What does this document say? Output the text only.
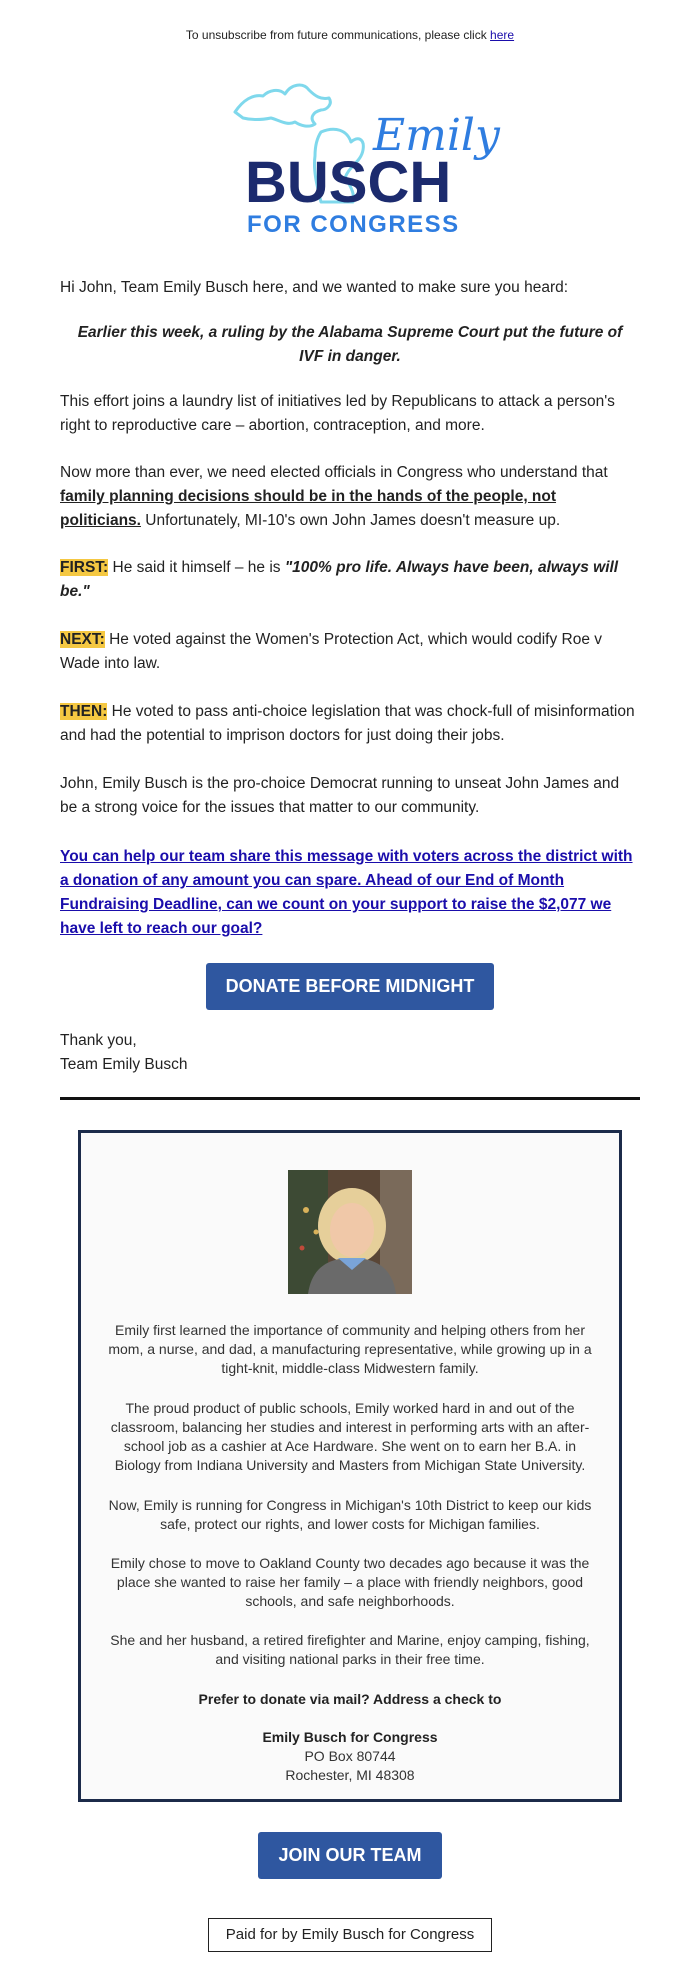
To unsubscribe from future communications, please click here
Emily
BUSCH
FOR CONGRESS
Hi John, Team Emily Busch here, and we wanted to make sure you heard:
Earlier this week, a ruling by the Alabama Supreme Court put the future of IVF in danger.
This effort joins a laundry list of initiatives led by Republicans to attack a person's right to reproductive care – abortion, contraception, and more.
Now more than ever, we need elected officials in Congress who understand that family planning decisions should be in the hands of the people, not politicians. Unfortunately, MI-10's own John James doesn't measure up.
FIRST: He said it himself – he is "100% pro life. Always have been, always will be."
NEXT: He voted against the Women's Protection Act, which would codify Roe v Wade into law.
THEN: He voted to pass anti-choice legislation that was chock-full of misinformation and had the potential to imprison doctors for just doing their jobs.
John, Emily Busch is the pro-choice Democrat running to unseat John James and be a strong voice for the issues that matter to our community.
You can help our team share this message with voters across the district with a donation of any amount you can spare. Ahead of our End of Month Fundraising Deadline, can we count on your support to raise the $2,077 we have left to reach our goal?
DONATE BEFORE MIDNIGHT
Thank you,
Team Emily Busch
Emily first learned the importance of community and helping others from her mom, a nurse, and dad, a manufacturing representative, while growing up in a tight-knit, middle-class Midwestern family.
The proud product of public schools, Emily worked hard in and out of the classroom, balancing her studies and interest in performing arts with an after-school job as a cashier at Ace Hardware. She went on to earn her B.A. in Biology from Indiana University and Masters from Michigan State University.
Now, Emily is running for Congress in Michigan's 10th District to keep our kids safe, protect our rights, and lower costs for Michigan families.
Emily chose to move to Oakland County two decades ago because it was the place she wanted to raise her family – a place with friendly neighbors, good schools, and safe neighborhoods.
She and her husband, a retired firefighter and Marine, enjoy camping, fishing, and visiting national parks in their free time.
Prefer to donate via mail? Address a check to
Emily Busch for Congress
PO Box 80744
Rochester, MI 48308
JOIN OUR TEAM
Paid for by Emily Busch for Congress
